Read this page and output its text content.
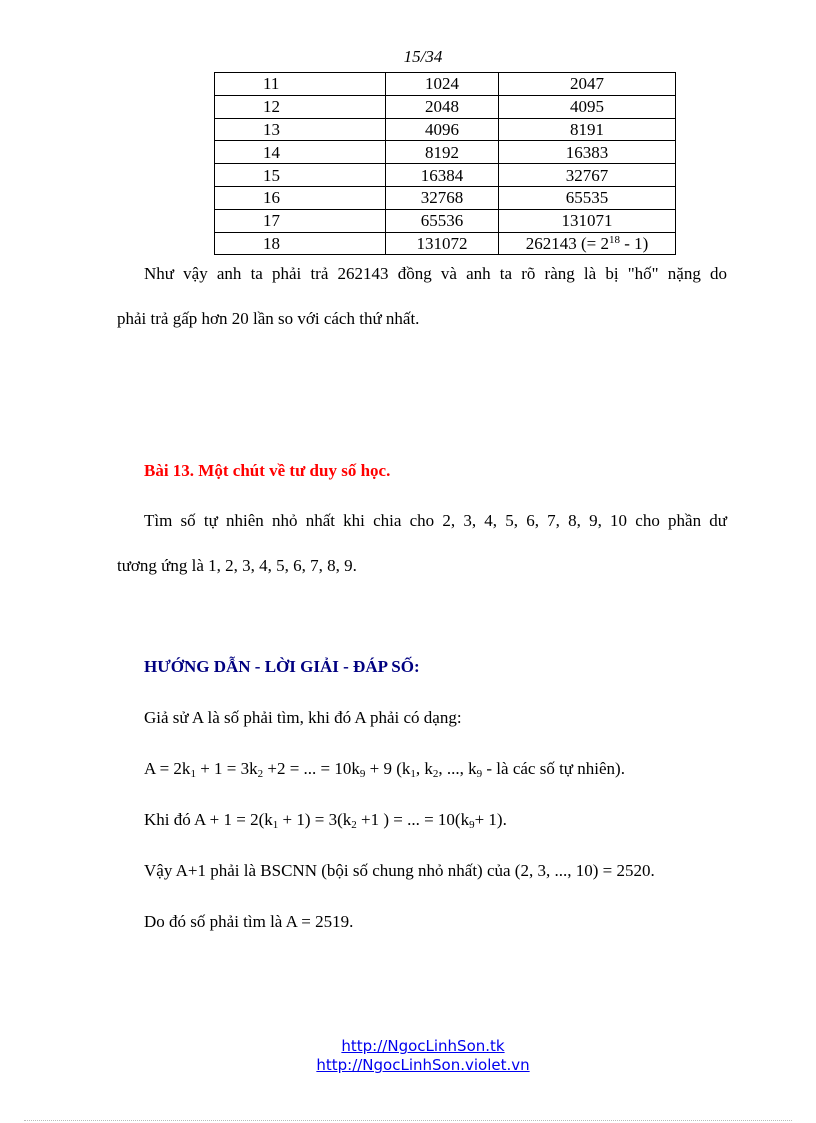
15/34
11	1024	2047
12	2048	4095
13	4096	8191
14	8192	16383
15	16384	32767
16	32768	65535
17	65536	131071
18	131072	262143 (= $2^{18} - 1$)
Như vậy anh ta phải trả 262143 đồng và anh ta rõ ràng là bị "hố" nặng do
phải trả gấp hơn 20 lần so với cách thứ nhất.
Bài 13. Một chút về tư duy số học.
Tìm số tự nhiên nhỏ nhất khi chia cho 2, 3, 4, 5, 6, 7, 8, 9, 10 cho phần dư
tương ứng là 1, 2, 3, 4, 5, 6, 7, 8, 9.
HƯỚNG DẪN - LỜI GIẢI - ĐÁP SỐ:
Giả sử A là số phải tìm, khi đó A phải có dạng:
$A = 2k_1 + 1 = 3k_2 +2$ = ... = $10k_9 + 9$ ($k_1$, $k_2$, ..., $k_9$ - là các số tự nhiên).
Khi đó $A + 1 = 2(k_1 + 1) = 3(k_2 +1$ ) = ... = $10(k_9+ 1)$.
Vậy A+1 phải là BSCNN (bội số chung nhỏ nhất) của (2, 3, ..., 10) = 2520.
Do đó số phải tìm là A = 2519.
http://NgocLinhSon.tk
http://NgocLinhSon.violet.vn
